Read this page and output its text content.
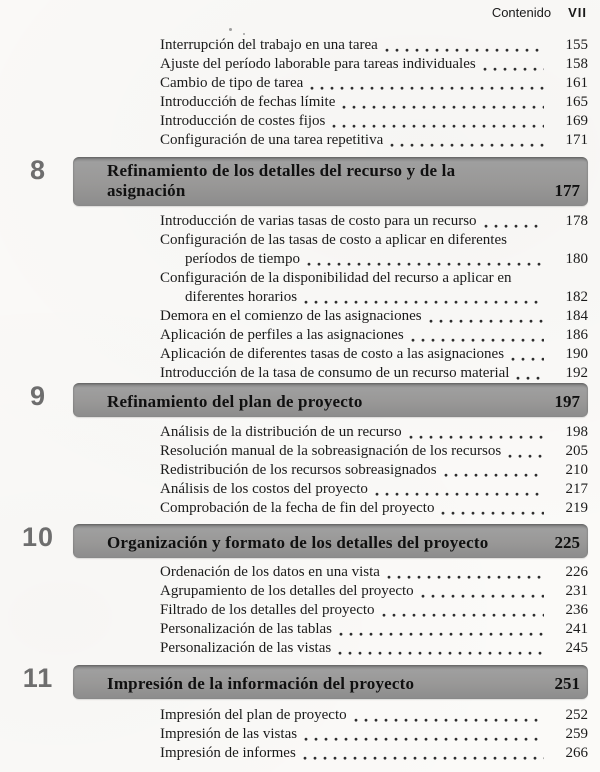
Contenido VII
Interrupción del trabajo en una tarea	155
Ajuste del período laborable para tareas individuales	158
Cambio de tipo de tarea	161
Introducción de fechas límite	165
Introducción de costes fijos	169
Configuración de una tarea repetitiva	171
8	Refinamiento de los detalles del recurso y de la
asignación	177
Introducción de varias tasas de costo para un recurso	178
Configuración de las tasas de costo a aplicar en diferentes
períodos de tiempo	180
Configuración de la disponibilidad del recurso a aplicar en
diferentes horarios	182
Demora en el comienzo de las asignaciones	184
Aplicación de perfiles a las asignaciones	186
Aplicación de diferentes tasas de costo a las asignaciones	190
Introducción de la tasa de consumo de un recurso material	192
9	Refinamiento del plan de proyecto	197
Análisis de la distribución de un recurso	198
Resolución manual de la sobreasignación de los recursos	205
Redistribución de los recursos sobreasignados	210
Análisis de los costos del proyecto	217
Comprobación de la fecha de fin del proyecto	219
10	Organización y formato de los detalles del proyecto	225
Ordenación de los datos en una vista	226
Agrupamiento de los detalles del proyecto	231
Filtrado de los detalles del proyecto	236
Personalización de las tablas	241
Personalización de las vistas	245
11	Impresión de la información del proyecto	251
Impresión del plan de proyecto	252
Impresión de las vistas	259
Impresión de informes	266
